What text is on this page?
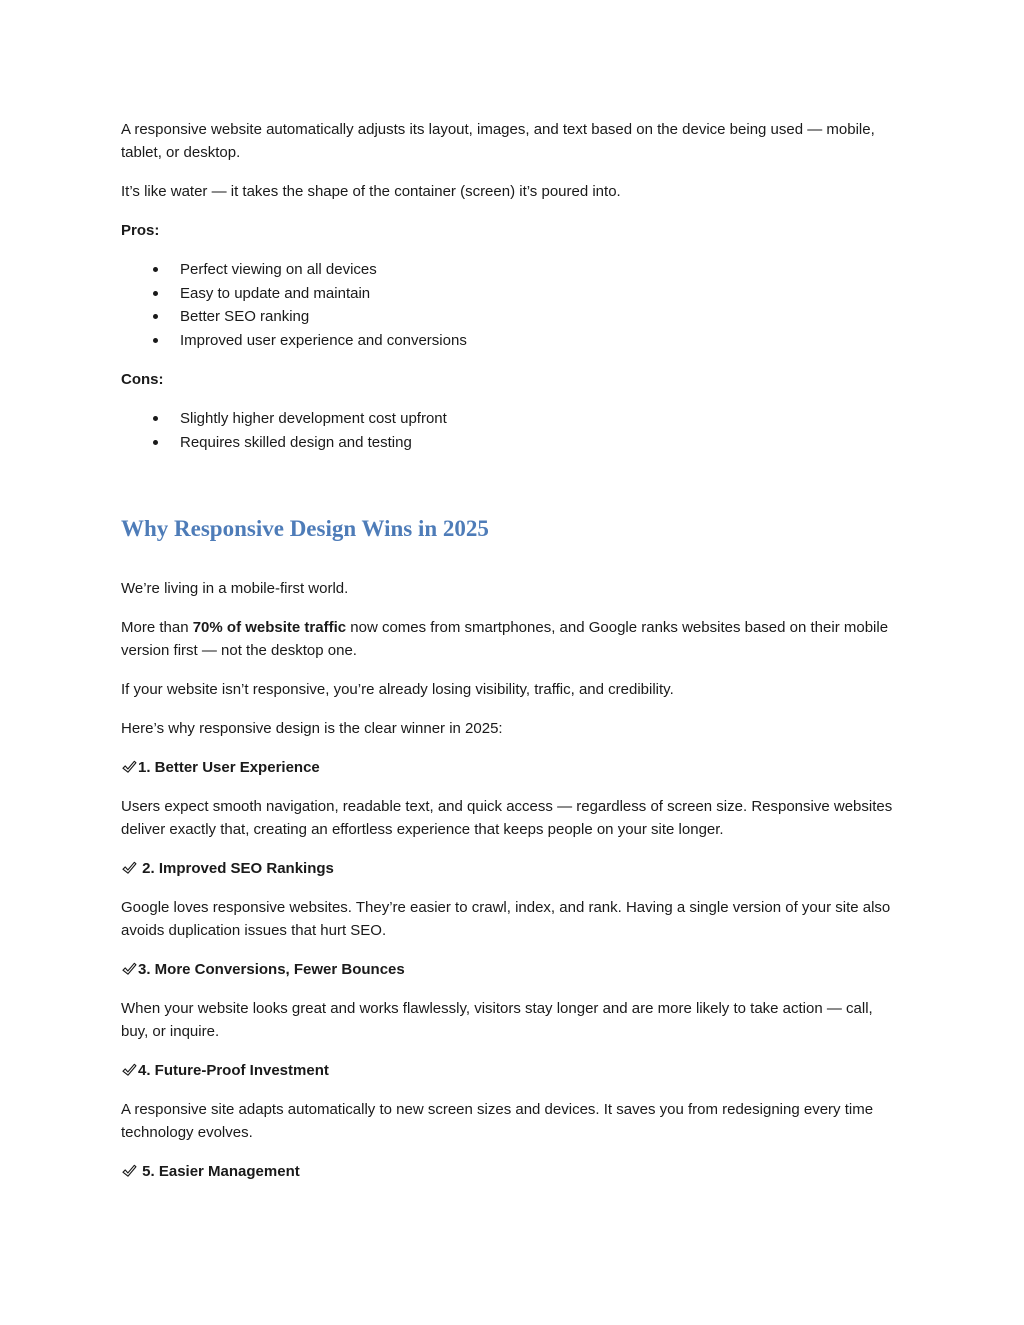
A responsive website automatically adjusts its layout, images, and text based on the device being used — mobile, tablet, or desktop.

It’s like water — it takes the shape of the container (screen) it’s poured into.

Pros:

Perfect viewing on all devices
Easy to update and maintain
Better SEO ranking
Improved user experience and conversions

Cons:

Slightly higher development cost upfront
Requires skilled design and testing
Why Responsive Design Wins in 2025

We’re living in a mobile-first world.

More than 70% of website traffic now comes from smartphones, and Google ranks websites based on their mobile version first — not the desktop one.

If your website isn’t responsive, you’re already losing visibility, traffic, and credibility.

Here’s why responsive design is the clear winner in 2025:

1. Better User Experience

Users expect smooth navigation, readable text, and quick access — regardless of screen size. Responsive websites deliver exactly that, creating an effortless experience that keeps people on your site longer.

2. Improved SEO Rankings

Google loves responsive websites. They’re easier to crawl, index, and rank. Having a single version of your site also avoids duplication issues that hurt SEO.

3. More Conversions, Fewer Bounces

When your website looks great and works flawlessly, visitors stay longer and are more likely to take action — call, buy, or inquire.

4. Future-Proof Investment

A responsive site adapts automatically to new screen sizes and devices. It saves you from redesigning every time technology evolves.

5. Easier Management
